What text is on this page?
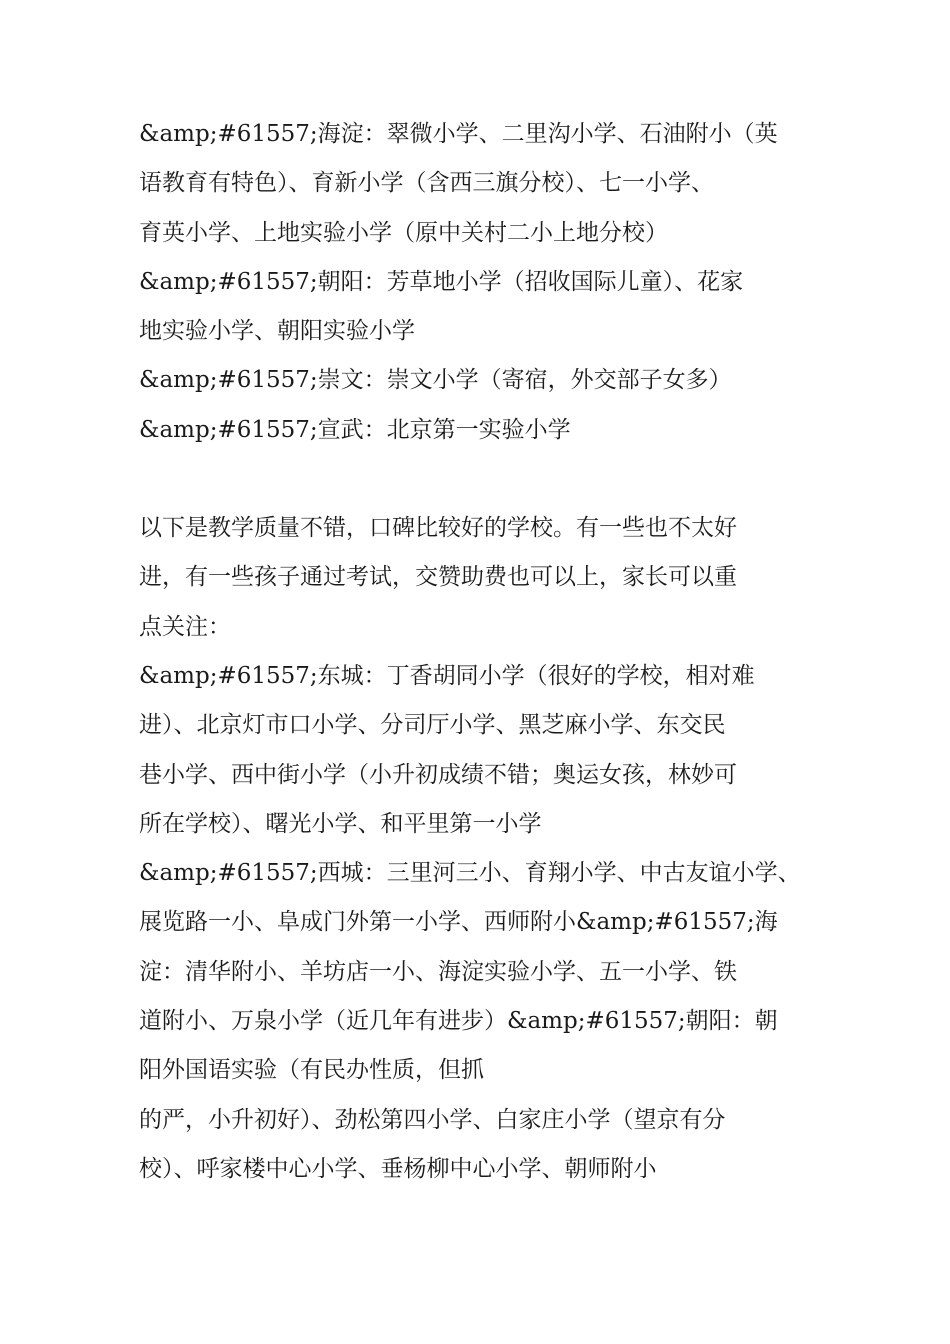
&amp;#61557;海淀：翠微小学、二里沟小学、石油附小（英
语教育有特色）、育新小学（含西三旗分校）、七一小学、
育英小学、上地实验小学（原中关村二小上地分校）
&amp;#61557;朝阳：芳草地小学（招收国际儿童）、花家
地实验小学、朝阳实验小学
&amp;#61557;崇文：崇文小学（寄宿，外交部子女多）
&amp;#61557;宣武：北京第一实验小学
以下是教学质量不错，口碑比较好的学校。有一些也不太好
进，有一些孩子通过考试，交赞助费也可以上，家长可以重
点关注：
&amp;#61557;东城：丁香胡同小学（很好的学校，相对难
进）、北京灯市口小学、分司厅小学、黑芝麻小学、东交民
巷小学、西中街小学（小升初成绩不错；奥运女孩，林妙可
所在学校）、曙光小学、和平里第一小学
&amp;#61557;西城：三里河三小、育翔小学、中古友谊小学、
展览路一小、阜成门外第一小学、西师附小&amp;#61557;海
淀：清华附小、羊坊店一小、海淀实验小学、五一小学、铁
道附小、万泉小学（近几年有进步）&amp;#61557;朝阳：朝
阳外国语实验（有民办性质，但抓
的严，小升初好）、劲松第四小学、白家庄小学（望京有分
校）、呼家楼中心小学、垂杨柳中心小学、朝师附小
